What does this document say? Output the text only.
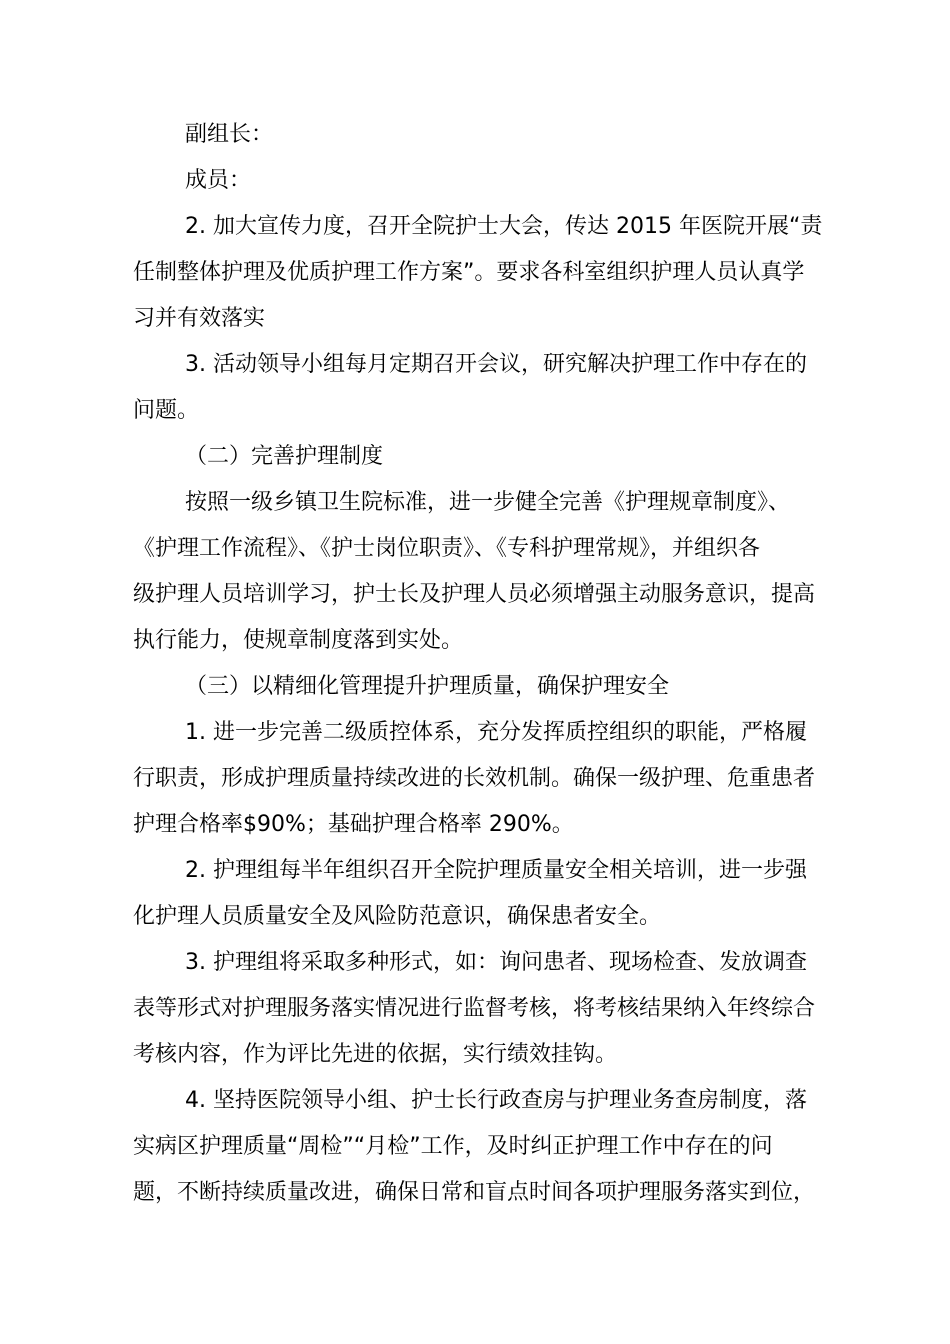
副组长：
成员：
2. 加大宣传力度，召开全院护士大会，传达 2015 年医院开展“责
任制整体护理及优质护理工作方案”。要求各科室组织护理人员认真学
习并有效落实
3. 活动领导小组每月定期召开会议，研究解决护理工作中存在的
问题。
（二）完善护理制度
按照一级乡镇卫生院标准，进一步健全完善《护理规章制度》、
《护理工作流程》、《护士岗位职责》、《专科护理常规》，并组织各
级护理人员培训学习，护士长及护理人员必须增强主动服务意识，提高
执行能力，使规章制度落到实处。
（三）以精细化管理提升护理质量，确保护理安全
1. 进一步完善二级质控体系，充分发挥质控组织的职能，严格履
行职责，形成护理质量持续改进的长效机制。确保一级护理、危重患者
护理合格率$90%；基础护理合格率 290%。
2. 护理组每半年组织召开全院护理质量安全相关培训，进一步强
化护理人员质量安全及风险防范意识，确保患者安全。
3. 护理组将采取多种形式，如：询问患者、现场检查、发放调查
表等形式对护理服务落实情况进行监督考核，将考核结果纳入年终综合
考核内容，作为评比先进的依据，实行绩效挂钩。
4. 坚持医院领导小组、护士长行政查房与护理业务查房制度，落
实病区护理质量“周检”“月检”工作，及时纠正护理工作中存在的问
题，不断持续质量改进，确保日常和盲点时间各项护理服务落实到位，
